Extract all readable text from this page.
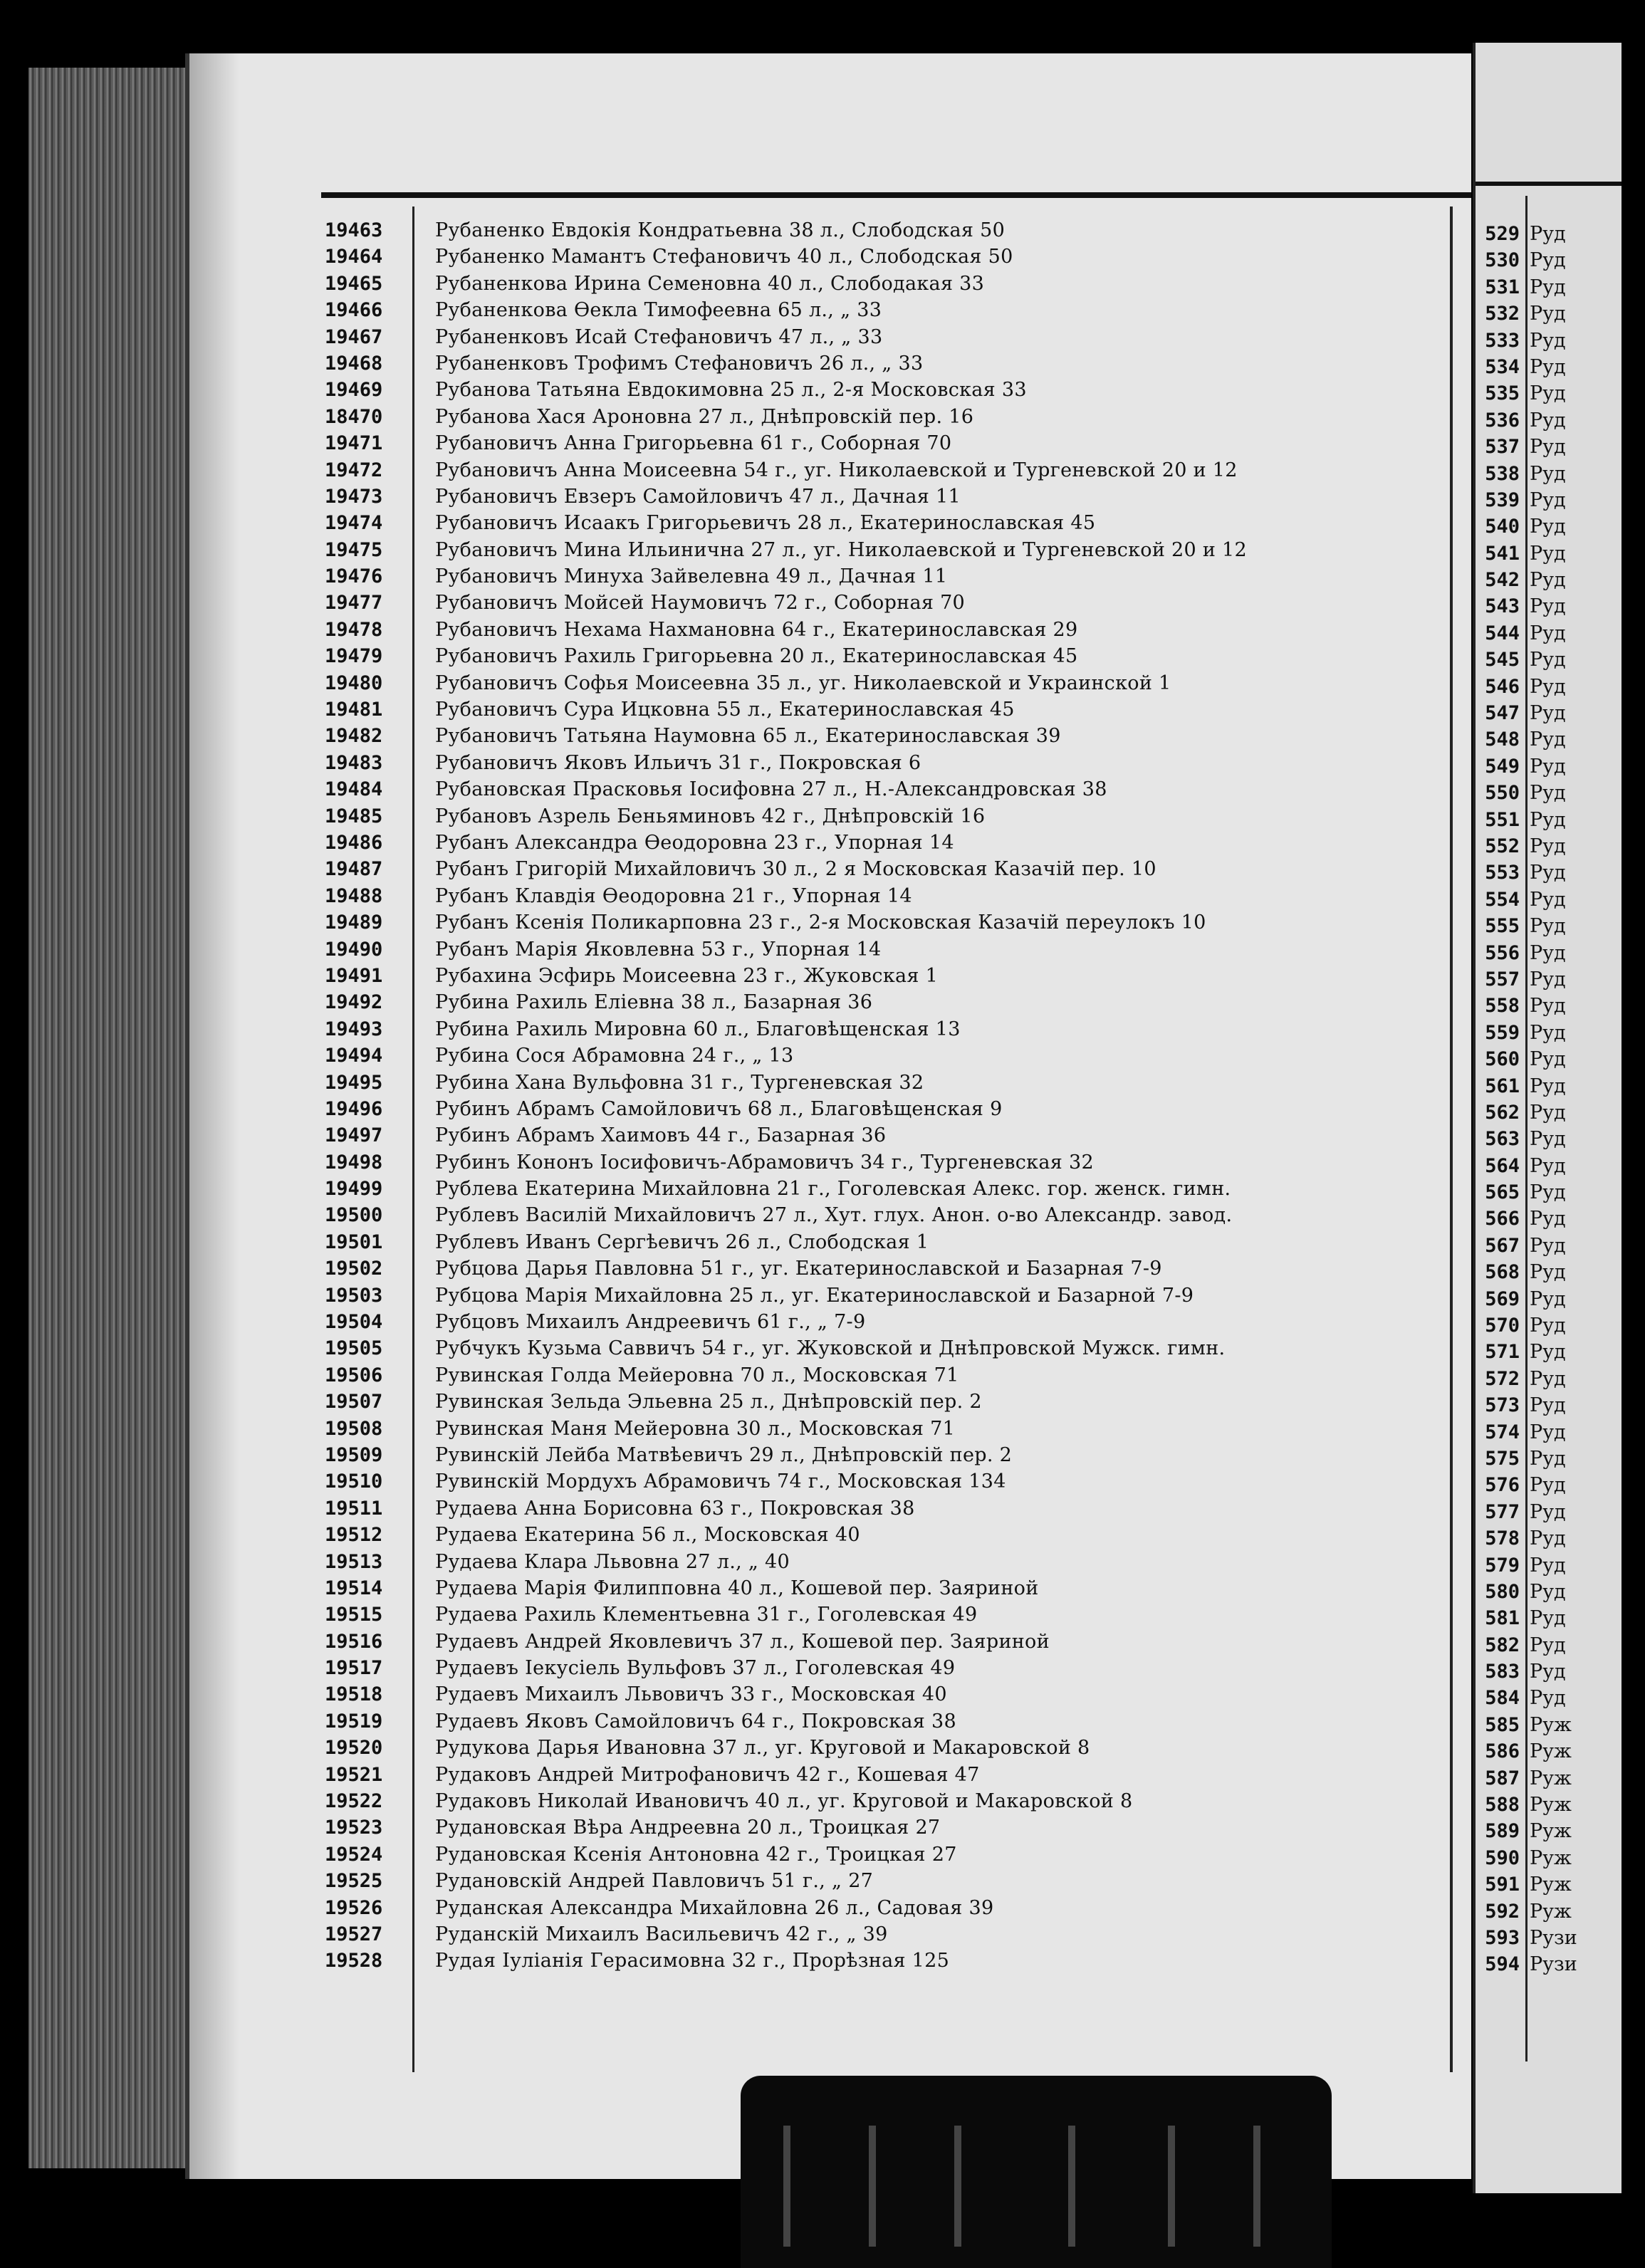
19463	Рубаненко Евдокія Кондратьевна 38 л., Слободская 50
19464	Рубаненко Мамантъ Стефановичъ 40 л., Слободская 50
19465	Рубаненкова Ирина Семеновна 40 л., Слободакая 33
19466	Рубаненкова Ѳекла Тимофеевна 65 л., „ 33
19467	Рубаненковъ Исай Стефановичъ 47 л., „ 33
19468	Рубаненковъ Трофимъ Стефановичъ 26 л., „ 33
19469	Рубанова Татьяна Евдокимовна 25 л., 2-я Московская 33
18470	Рубанова Хася Ароновна 27 л., Днѣпровскій пер. 16
19471	Рубановичъ Анна Григорьевна 61 г., Соборная 70
19472	Рубановичъ Анна Моисеевна 54 г., уг. Николаевской и Тургеневской 20 и 12
19473	Рубановичъ Евзеръ Самойловичъ 47 л., Дачная 11
19474	Рубановичъ Исаакъ Григорьевичъ 28 л., Екатеринославская 45
19475	Рубановичъ Мина Ильинична 27 л., уг. Николаевской и Тургеневской 20 и 12
19476	Рубановичъ Минуха Зайвелевна 49 л., Дачная 11
19477	Рубановичъ Мойсей Наумовичъ 72 г., Соборная 70
19478	Рубановичъ Нехама Нахмановна 64 г., Екатеринославская 29
19479	Рубановичъ Рахиль Григорьевна 20 л., Екатеринославская 45
19480	Рубановичъ Софья Моисеевна 35 л., уг. Николаевской и Украинской 1
19481	Рубановичъ Сура Ицковна 55 л., Екатеринославская 45
19482	Рубановичъ Татьяна Наумовна 65 л., Екатеринославская 39
19483	Рубановичъ Яковъ Ильичъ 31 г., Покровская 6
19484	Рубановская Прасковья Іосифовна 27 л., Н.-Александровская 38
19485	Рубановъ Азрель Беньяминовъ 42 г., Днѣпровскій 16
19486	Рубанъ Александра Ѳеодоровна 23 г., Упорная 14
19487	Рубанъ Григорій Михайловичъ 30 л., 2 я Московская Казачій пер. 10
19488	Рубанъ Клавдія Ѳеодоровна 21 г., Упорная 14
19489	Рубанъ Ксенія Поликарповна 23 г., 2-я Московская Казачій переулокъ 10
19490	Рубанъ Марія Яковлевна 53 г., Упорная 14
19491	Рубахина Эсфирь Моисеевна 23 г., Жуковская 1
19492	Рубина Рахиль Еліевна 38 л., Базарная 36
19493	Рубина Рахиль Мировна 60 л., Благовѣщенская 13
19494	Рубина Сося Абрамовна 24 г., „ 13
19495	Рубина Хана Вульфовна 31 г., Тургеневская 32
19496	Рубинъ Абрамъ Самойловичъ 68 л., Благовѣщенская 9
19497	Рубинъ Абрамъ Хаимовъ 44 г., Базарная 36
19498	Рубинъ Кононъ Іосифовичъ-Абрамовичъ 34 г., Тургеневская 32
19499	Рублева Екатерина Михайловна 21 г., Гоголевская Алекс. гор. женск. гимн.
19500	Рублевъ Василій Михайловичъ 27 л., Хут. глух. Анон. о-во Александр. завод.
19501	Рублевъ Иванъ Сергѣевичъ 26 л., Слободская 1
19502	Рубцова Дарья Павловна 51 г., уг. Екатеринославской и Базарная 7-9
19503	Рубцова Марія Михайловна 25 л., уг. Екатеринославской и Базарной 7-9
19504	Рубцовъ Михаилъ Андреевичъ 61 г., „ 7-9
19505	Рубчукъ Кузьма Саввичъ 54 г., уг. Жуковской и Днѣпровской Мужск. гимн.
19506	Рувинская Голда Мейеровна 70 л., Московская 71
19507	Рувинская Зельда Эльевна 25 л., Днѣпровскій пер. 2
19508	Рувинская Маня Мейеровна 30 л., Московская 71
19509	Рувинскій Лейба Матвѣевичъ 29 л., Днѣпровскій пер. 2
19510	Рувинскій Мордухъ Абрамовичъ 74 г., Московская 134
19511	Рудаева Анна Борисовна 63 г., Покровская 38
19512	Рудаева Екатерина 56 л., Московская 40
19513	Рудаева Клара Львовна 27 л., „ 40
19514	Рудаева Марія Филипповна 40 л., Кошевой пер. Заяриной
19515	Рудаева Рахиль Клементьевна 31 г., Гоголевская 49
19516	Рудаевъ Андрей Яковлевичъ 37 л., Кошевой пер. Заяриной
19517	Рудаевъ Іекусіель Вульфовъ 37 л., Гоголевская 49
19518	Рудаевъ Михаилъ Львовичъ 33 г., Московская 40
19519	Рудаевъ Яковъ Самойловичъ 64 г., Покровская 38
19520	Рудукова Дарья Ивановна 37 л., уг. Круговой и Макаровской 8
19521	Рудаковъ Андрей Митрофановичъ 42 г., Кошевая 47
19522	Рудаковъ Николай Ивановичъ 40 л., уг. Круговой и Макаровской 8
19523	Рудановская Вѣра Андреевна 20 л., Троицкая 27
19524	Рудановская Ксенія Антоновна 42 г., Троицкая 27
19525	Рудановскій Андрей Павловичъ 51 г., „ 27
19526	Руданская Александра Михайловна 26 л., Садовая 39
19527	Руданскій Михаилъ Васильевичъ 42 г., „ 39
19528	Рудая Іуліанія Герасимовна 32 г., Прорѣзная 125
529 Руд
530 Руд
531 Руд
532 Руд
533 Руд
534 Руд
535 Руд
536 Руд
537 Руд
538 Руд
539 Руд
540 Руд
541 Руд
542 Руд
543 Руд
544 Руд
545 Руд
546 Руд
547 Руд
548 Руд
549 Руд
550 Руд
551 Руд
552 Руд
553 Руд
554 Руд
555 Руд
556 Руд
557 Руд
558 Руд
559 Руд
560 Руд
561 Руд
562 Руд
563 Руд
564 Руд
565 Руд
566 Руд
567 Руд
568 Руд
569 Руд
570 Руд
571 Руд
572 Руд
573 Руд
574 Руд
575 Руд
576 Руд
577 Руд
578 Руд
579 Руд
580 Руд
581 Руд
582 Руд
583 Руд
584 Руд
585 Руж
586 Руж
587 Руж
588 Руж
589 Руж
590 Руж
591 Руж
592 Руж
593 Рузи
594 Рузи
